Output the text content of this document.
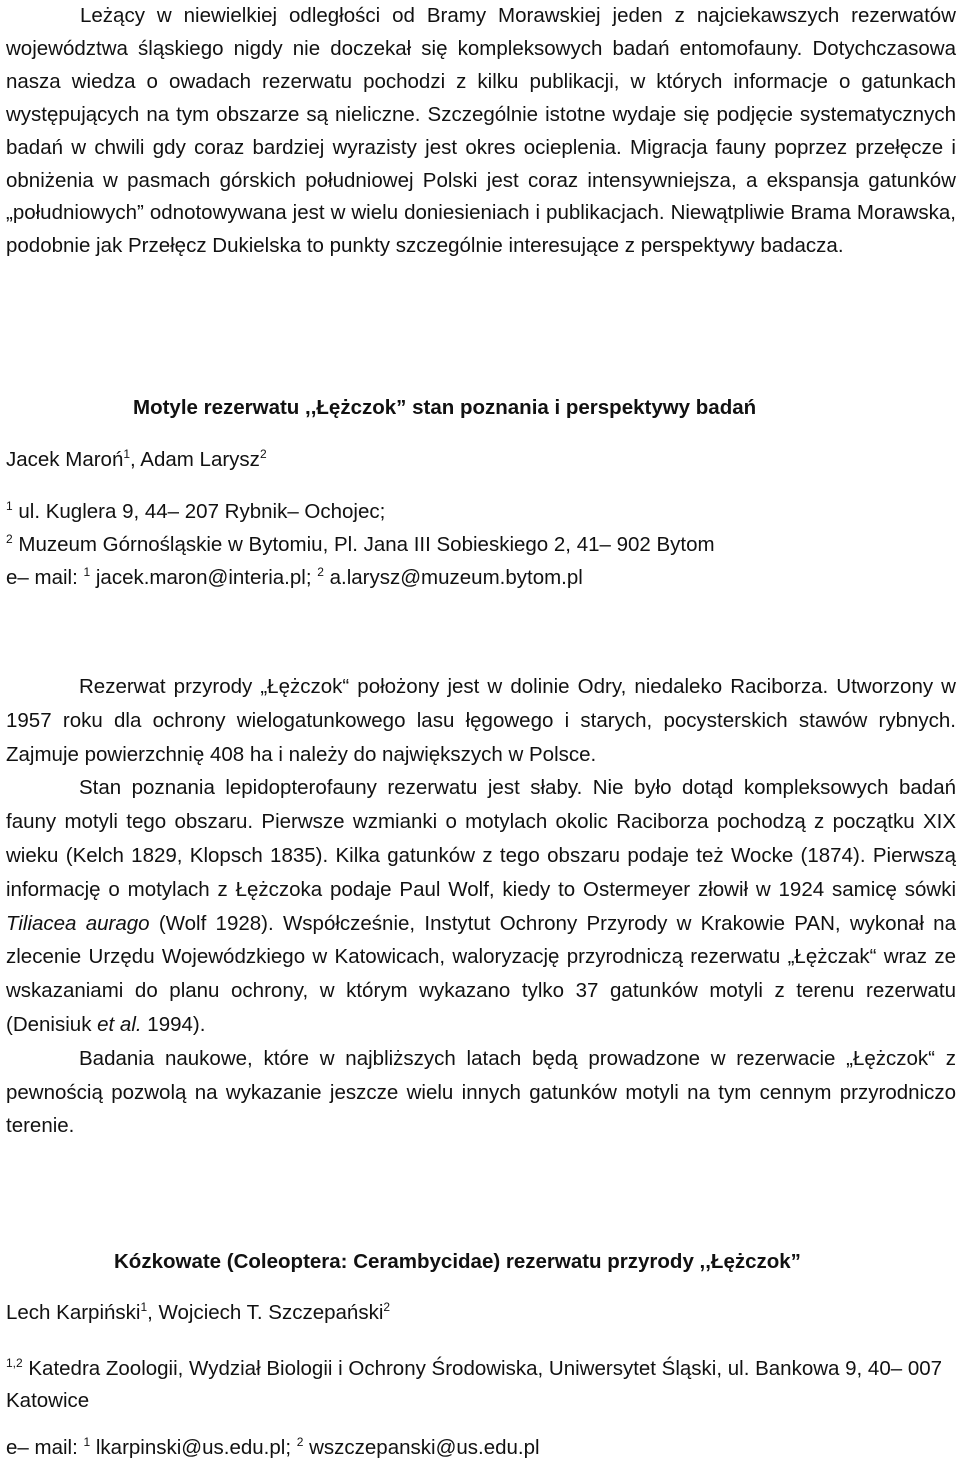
Leżący w niewielkiej odległości od Bramy Morawskiej jeden z najciekawszych rezerwatów województwa śląskiego nigdy nie doczekał się kompleksowych badań entomofauny. Dotychczasowa nasza wiedza o owadach rezerwatu pochodzi z kilku publikacji, w których informacje o gatunkach występujących na tym obszarze są nieliczne. Szczególnie istotne wydaje się podjęcie systematycznych badań w chwili gdy coraz bardziej wyrazisty jest okres ocieplenia. Migracja fauny poprzez przełęcze i obniżenia w pasmach górskich południowej Polski jest coraz intensywniejsza, a ekspansja gatunków „południowych” odnotowywana jest w wielu doniesieniach i publikacjach. Niewątpliwie Brama Morawska, podobnie jak Przełęcz Dukielska to punkty szczególnie interesujące z perspektywy badacza.

Motyle rezerwatu ,,Łężczok” stan poznania i perspektywy badań
Jacek Maroń$^1$, Adam Larysz$^2$
$^1$ ul. Kuglera 9, 44– 207 Rybnik– Ochojec;
$^2$ Muzeum Górnośląskie w Bytomiu, Pl. Jana III Sobieskiego 2, 41– 902 Bytom
e– mail: $^1$ jacek.maron@interia.pl; $^2$ a.larysz@muzeum.bytom.pl

Rezerwat przyrody „Łężczok“ położony jest w dolinie Odry, niedaleko Raciborza. Utworzony w 1957 roku dla ochrony wielogatunkowego lasu łęgowego i starych, pocysterskich stawów rybnych. Zajmuje powierzchnię 408 ha i należy do największych w Polsce.

Stan poznania lepidopterofauny rezerwatu jest słaby. Nie było dotąd kompleksowych badań fauny motyli tego obszaru. Pierwsze wzmianki o motylach okolic Raciborza pochodzą z początku XIX wieku (Kelch 1829, Klopsch 1835). Kilka gatunków z tego obszaru podaje też Wocke (1874). Pierwszą informację o motylach z Łężczoka podaje Paul Wolf, kiedy to Ostermeyer złowił w 1924 samicę sówki Tiliacea aurago (Wolf 1928). Współcześnie, Instytut Ochrony Przyrody w Krakowie PAN, wykonał na zlecenie Urzędu Wojewódzkiego w Katowicach, waloryzację przyrodniczą rezerwatu „Łężczak“ wraz ze wskazaniami do planu ochrony, w którym wykazano tylko 37 gatunków motyli z terenu rezerwatu (Denisiuk et al. 1994).

Badania naukowe, które w najbliższych latach będą prowadzone w rezerwacie „Łężczok“ z pewnością pozwolą na wykazanie jeszcze wielu innych gatunków motyli na tym cennym przyrodniczo terenie.

Kózkowate (Coleoptera: Cerambycidae) rezerwatu przyrody ,,Łężczok”
Lech Karpiński$^1$, Wojciech T. Szczepański$^2$
$^{1,2}$ Katedra Zoologii, Wydział Biologii i Ochrony Środowiska, Uniwersytet Śląski, ul. Bankowa 9, 40– 007 Katowice
e– mail: $^1$ lkarpinski@us.edu.pl; $^2$ wszczepanski@us.edu.pl
